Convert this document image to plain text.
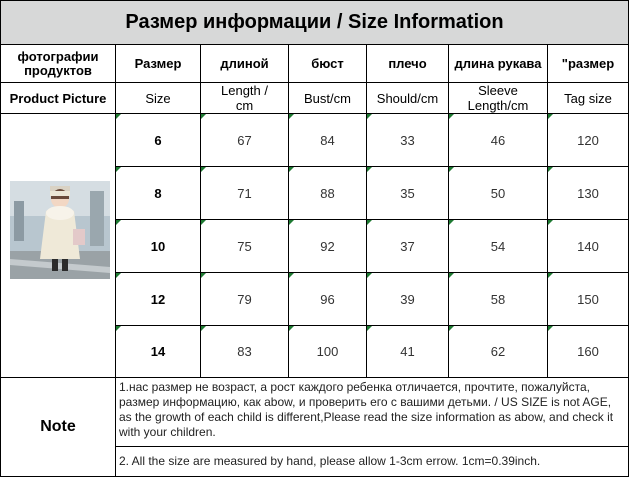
Размер информации / Size Information
фотографии продуктов	Размер	длиной	бюст	плечо	длина рукава	"размер
Product Picture	Size	Length / cm	Bust/cm	Should/cm	Sleeve Length/cm	Tag size
6	67	84	33	46	120
8	71	88	35	50	130
10	75	92	37	54	140
12	79	96	39	58	150
14	83	100	41	62	160
Note
1.нас размер не возраст, а рост каждого ребенка отличается, прочтите, пожалуйста, размер информацию, как abow, и проверить его с вашими детьми. / US SIZE is not AGE, as the growth of each child is different,Please read the size information as abow, and check it with your children.
2. All the size are measured by hand, please allow 1-3cm errow. 1cm=0.39inch.
